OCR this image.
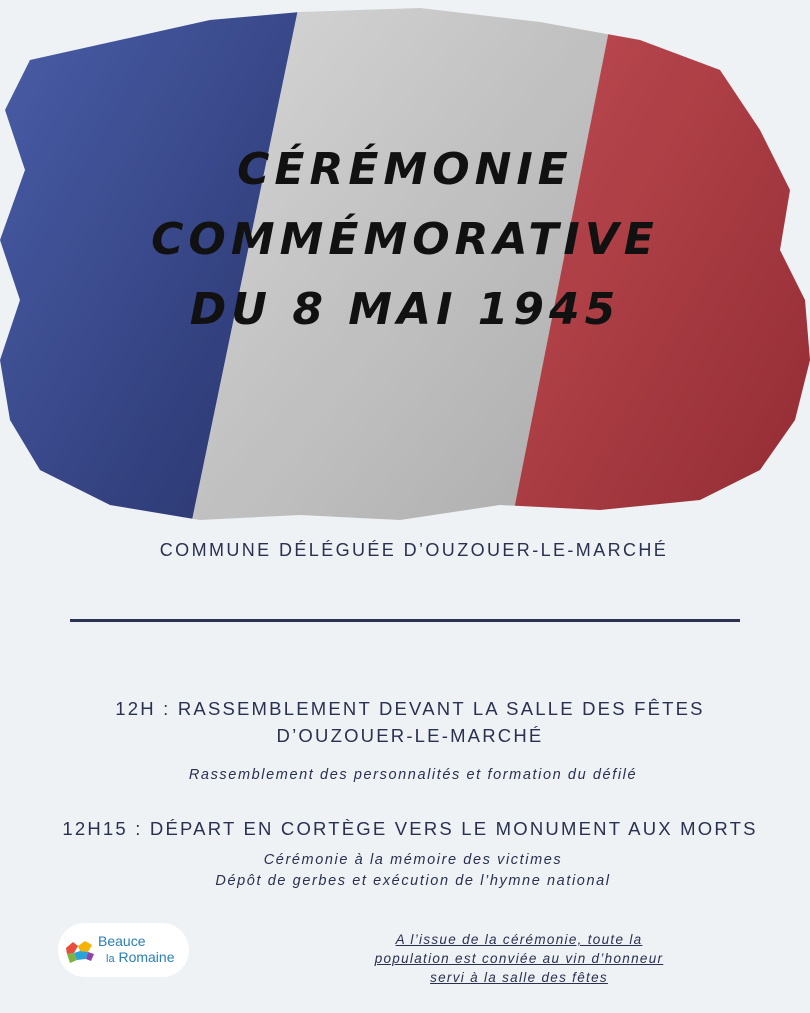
CÉRÉMONIE
COMMÉMORATIVE
DU 8 MAI 1945
COMMUNE DÉLÉGUÉE D’OUZOUER-LE-MARCHÉ
12H : RASSEMBLEMENT DEVANT LA SALLE DES FÊTES
D’OUZOUER-LE-MARCHÉ
Rassemblement des personnalités et formation du défilé
12H15 : DÉPART EN CORTÈGE VERS LE MONUMENT AUX MORTS
Cérémonie à la mémoire des victimes
Dépôt de gerbes et exécution de l’hymne national
Beauce
la Romaine
A l’issue de la cérémonie, toute la
population est conviée au vin d’honneur
servi à la salle des fêtes
